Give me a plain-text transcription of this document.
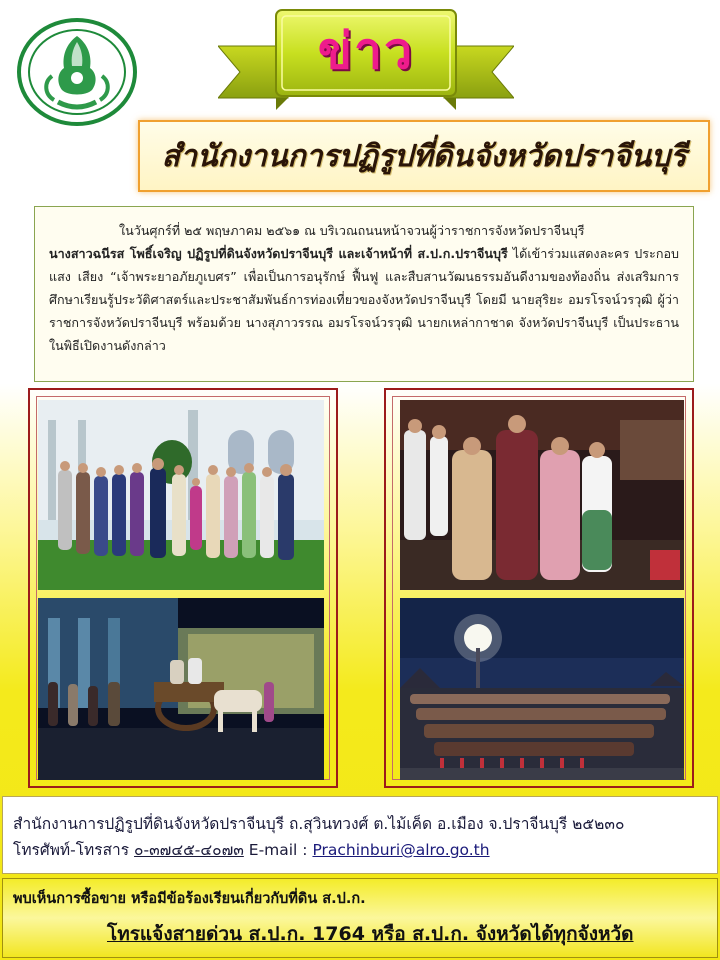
ข่าว
สำนักงานการปฏิรูปที่ดินจังหวัดปราจีนบุรี
ในวันศุกร์ที่ ๒๕ พฤษภาคม ๒๕๖๑ ณ บริเวณถนนหน้าจวนผู้ว่าราชการจังหวัดปราจีนบุรี
นางสาวฉนีรส โพธิ์เจริญ ปฏิรูปที่ดินจังหวัดปราจีนบุรี และเจ้าหน้าที่ ส.ป.ก.ปราจีนบุรี ได้เข้าร่วมแสดงละคร ประกอบ แสง เสียง “เจ้าพระยาอภัยภูเบศร” เพื่อเป็นการอนุรักษ์ ฟื้นฟู และสืบสานวัฒนธรรมอันดีงามของท้องถิ่น ส่งเสริมการศึกษาเรียนรู้ประวัติศาสตร์และประชาสัมพันธ์การท่องเที่ยวของจังหวัดปราจีนบุรี โดยมี นายสุริยะ อมรโรจน์วรวุฒิ ผู้ว่าราชการจังหวัดปราจีนบุรี พร้อมด้วย นางสุภาวรรณ อมรโรจน์วรวุฒิ นายกเหล่ากาชาด จังหวัดปราจีนบุรี เป็นประธานในพิธีเปิดงานดังกล่าว
สำนักงานการปฏิรูปที่ดินจังหวัดปราจีนบุรี ถ.สุวินทวงศ์ ต.ไม้เค็ด อ.เมือง จ.ปราจีนบุรี ๒๕๒๓๐
โทรศัพท์-โทรสาร ๐-๓๗๔๕-๔๐๗๓ E-mail : Prachinburi@alro.go.th
พบเห็นการซื้อขาย หรือมีข้อร้องเรียนเกี่ยวกับที่ดิน ส.ป.ก.
โทรแจ้งสายด่วน ส.ป.ก. 1764 หรือ ส.ป.ก. จังหวัดได้ทุกจังหวัด
